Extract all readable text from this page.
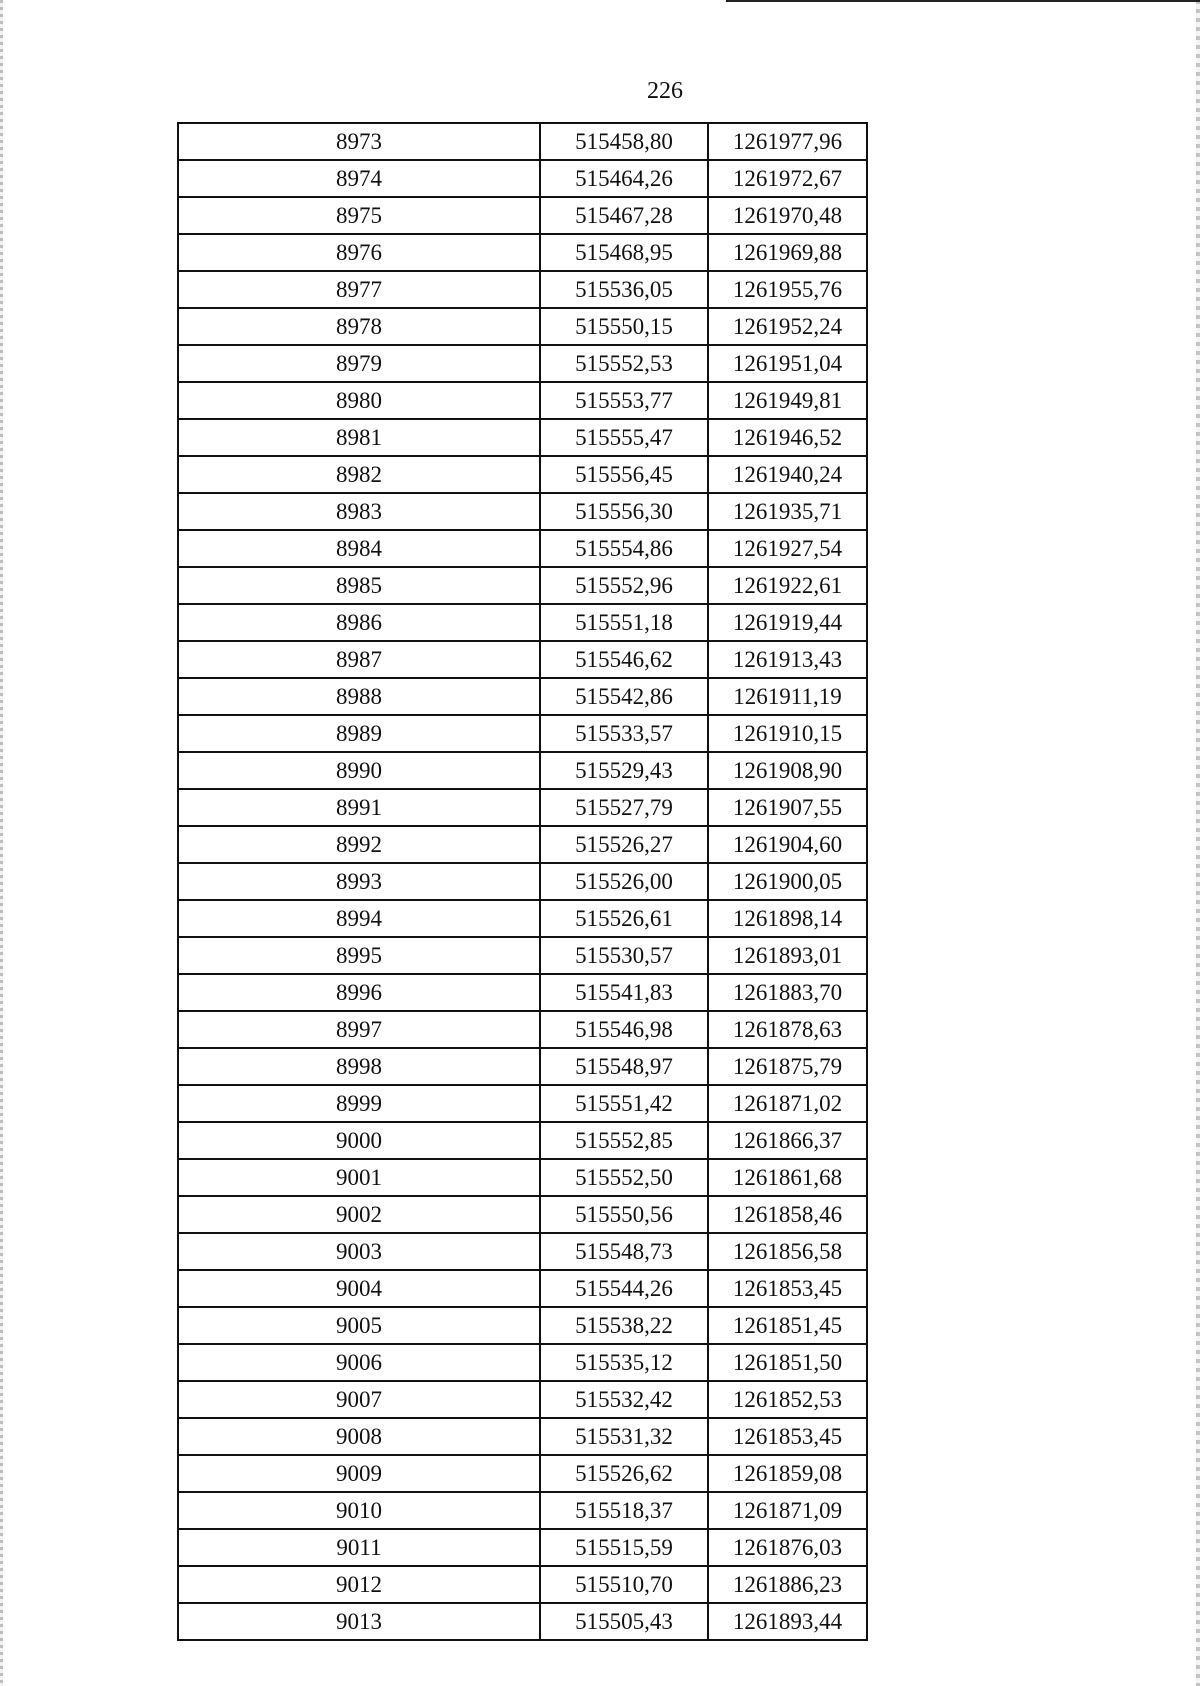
226
8973	515458,80	1261977,96
8974	515464,26	1261972,67
8975	515467,28	1261970,48
8976	515468,95	1261969,88
8977	515536,05	1261955,76
8978	515550,15	1261952,24
8979	515552,53	1261951,04
8980	515553,77	1261949,81
8981	515555,47	1261946,52
8982	515556,45	1261940,24
8983	515556,30	1261935,71
8984	515554,86	1261927,54
8985	515552,96	1261922,61
8986	515551,18	1261919,44
8987	515546,62	1261913,43
8988	515542,86	1261911,19
8989	515533,57	1261910,15
8990	515529,43	1261908,90
8991	515527,79	1261907,55
8992	515526,27	1261904,60
8993	515526,00	1261900,05
8994	515526,61	1261898,14
8995	515530,57	1261893,01
8996	515541,83	1261883,70
8997	515546,98	1261878,63
8998	515548,97	1261875,79
8999	515551,42	1261871,02
9000	515552,85	1261866,37
9001	515552,50	1261861,68
9002	515550,56	1261858,46
9003	515548,73	1261856,58
9004	515544,26	1261853,45
9005	515538,22	1261851,45
9006	515535,12	1261851,50
9007	515532,42	1261852,53
9008	515531,32	1261853,45
9009	515526,62	1261859,08
9010	515518,37	1261871,09
9011	515515,59	1261876,03
9012	515510,70	1261886,23
9013	515505,43	1261893,44
